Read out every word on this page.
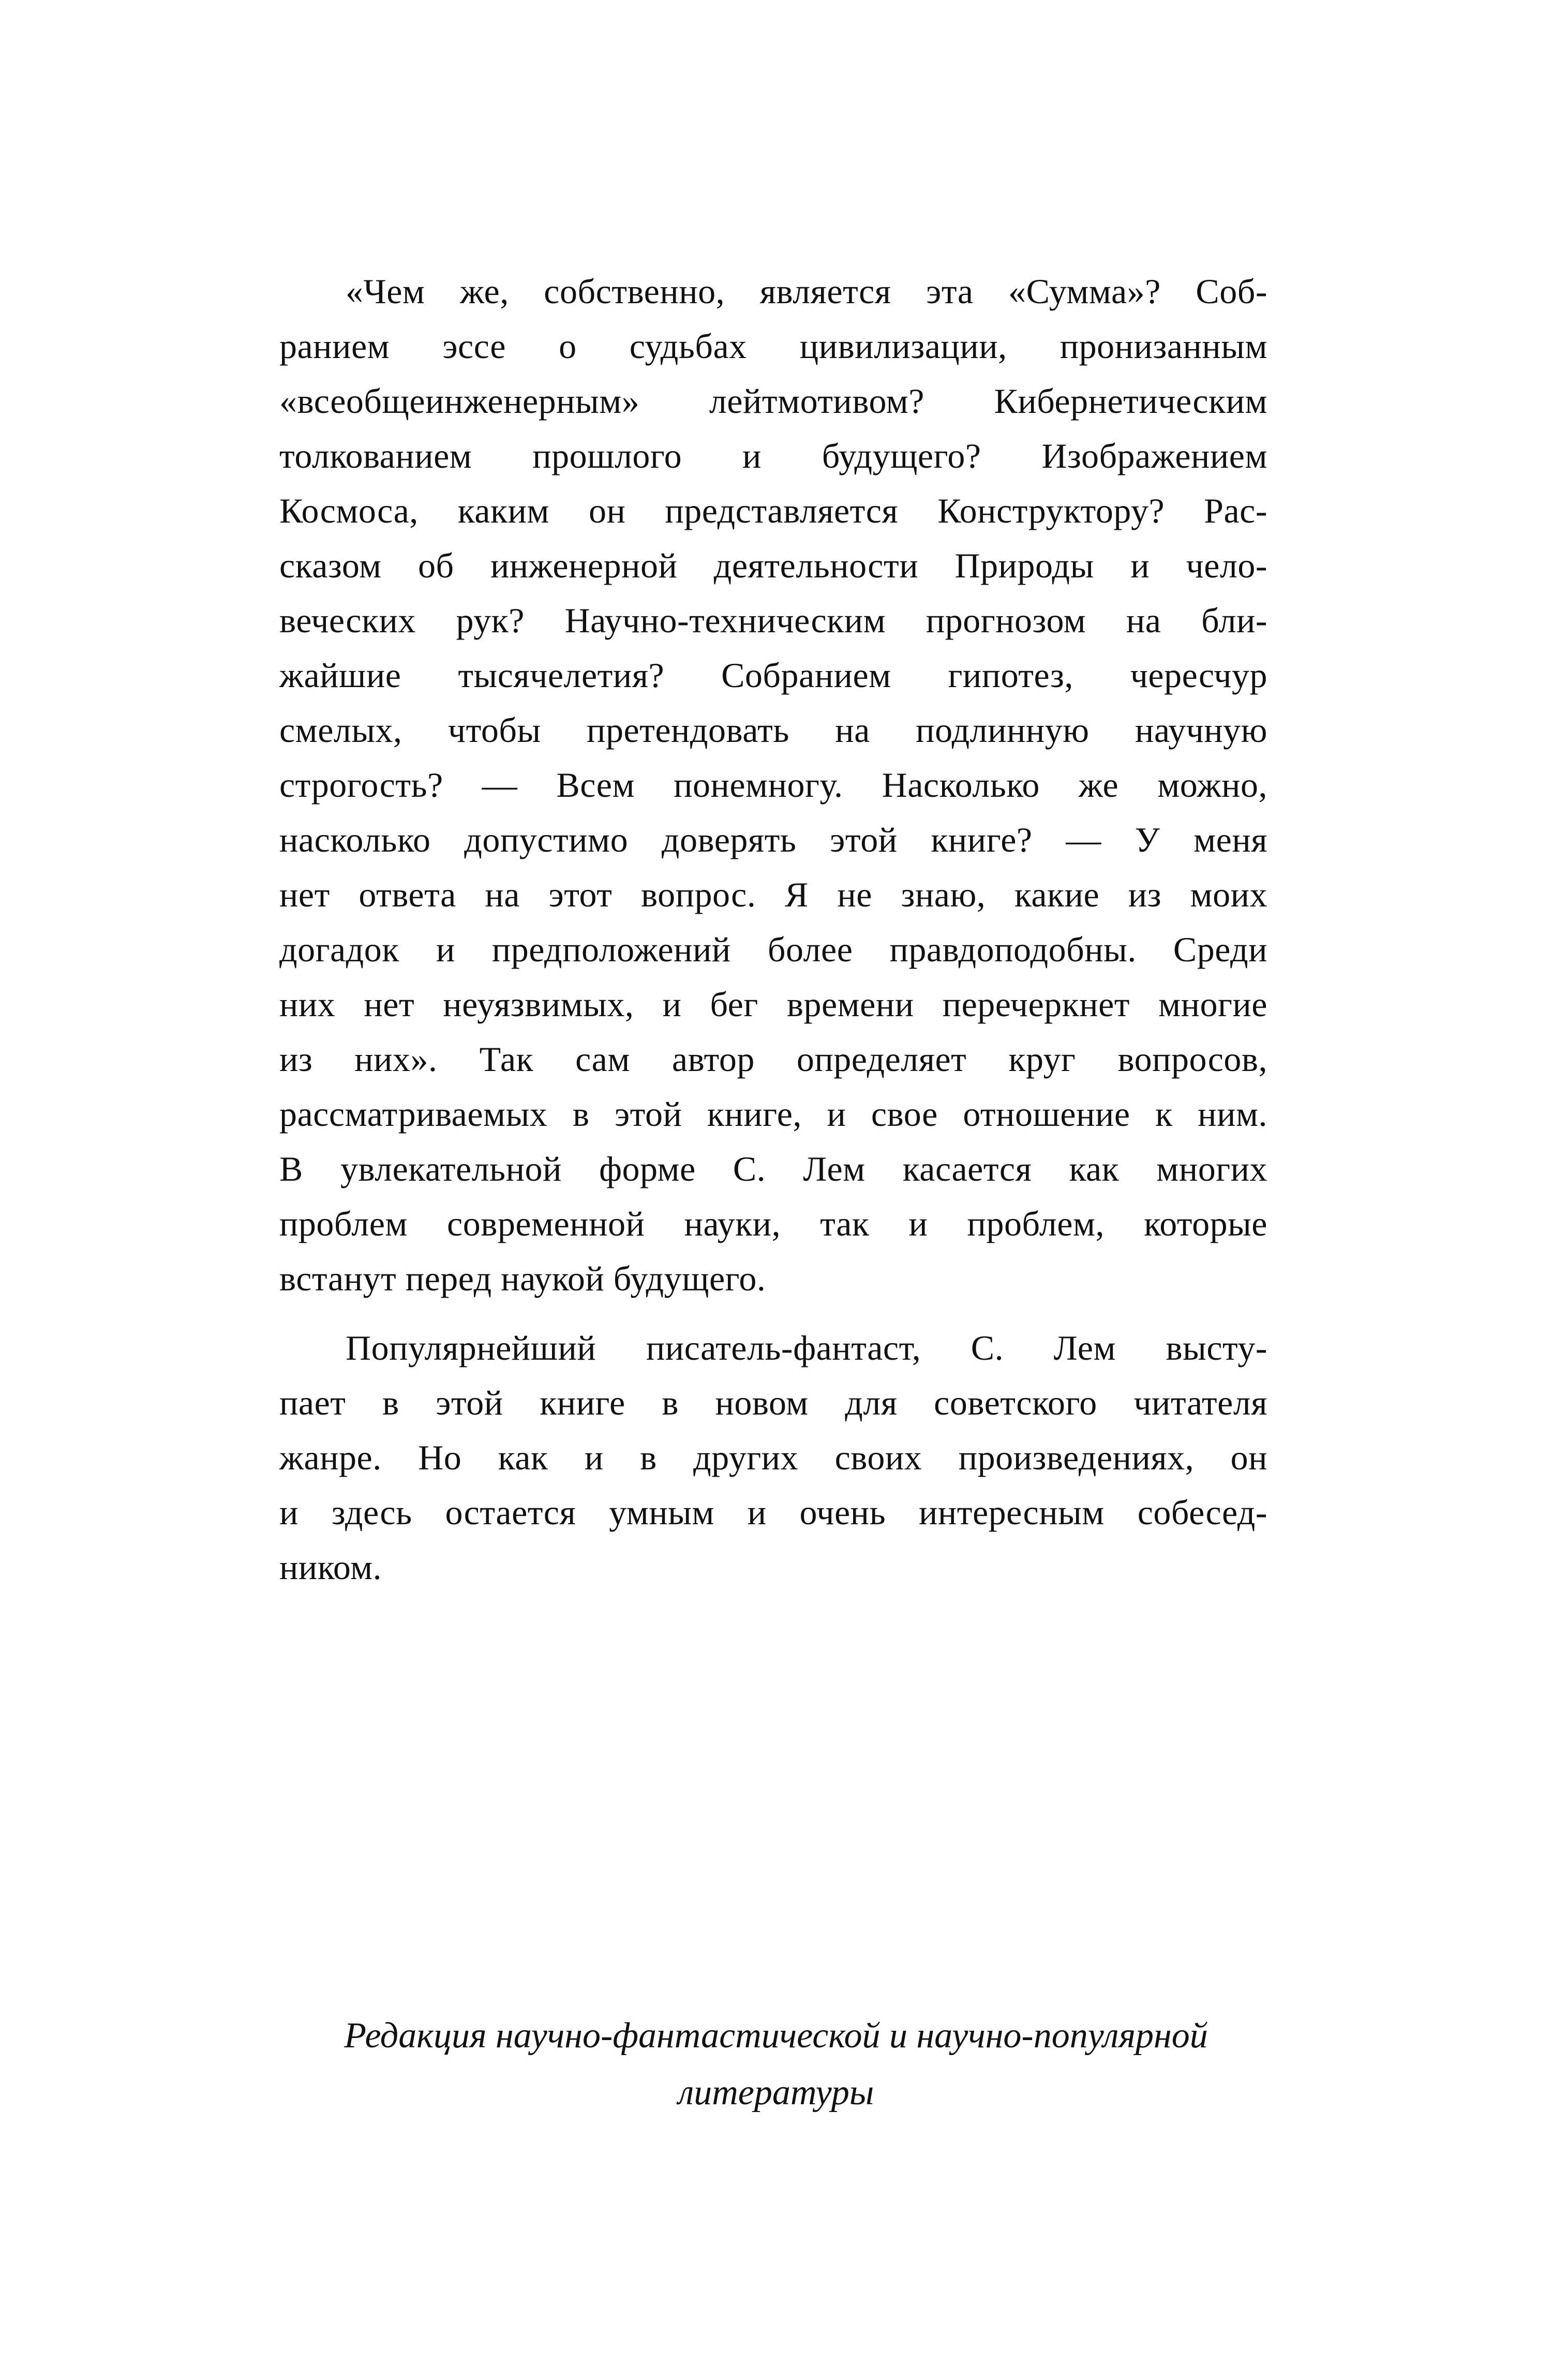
«Чем же, собственно, является эта «Сумма»? Соб-
ранием эссе о судьбах цивилизации, пронизанным
«всеобщеинженерным» лейтмотивом? Кибернетическим
толкованием прошлого и будущего? Изображением
Космоса, каким он представляется Конструктору? Рас-
сказом об инженерной деятельности Природы и чело-
веческих рук? Научно-техническим прогнозом на бли-
жайшие тысячелетия? Собранием гипотез, чересчур
смелых, чтобы претендовать на подлинную научную
строгость? — Всем понемногу. Насколько же можно,
насколько допустимо доверять этой книге? — У меня
нет ответа на этот вопрос. Я не знаю, какие из моих
догадок и предположений более правдоподобны. Среди
них нет неуязвимых, и бег времени перечеркнет многие
из них». Так сам автор определяет круг вопросов,
рассматриваемых в этой книге, и свое отношение к ним.
В увлекательной форме С. Лем касается как многих
проблем современной науки, так и проблем, которые
встанут перед наукой будущего.

Популярнейший писатель-фантаст, С. Лем высту-
пает в этой книге в новом для советского читателя
жанре. Но как и в других своих произведениях, он
и здесь остается умным и очень интересным собесед-
ником.

Редакция научно-фантастической и научно-популярной
литературы
